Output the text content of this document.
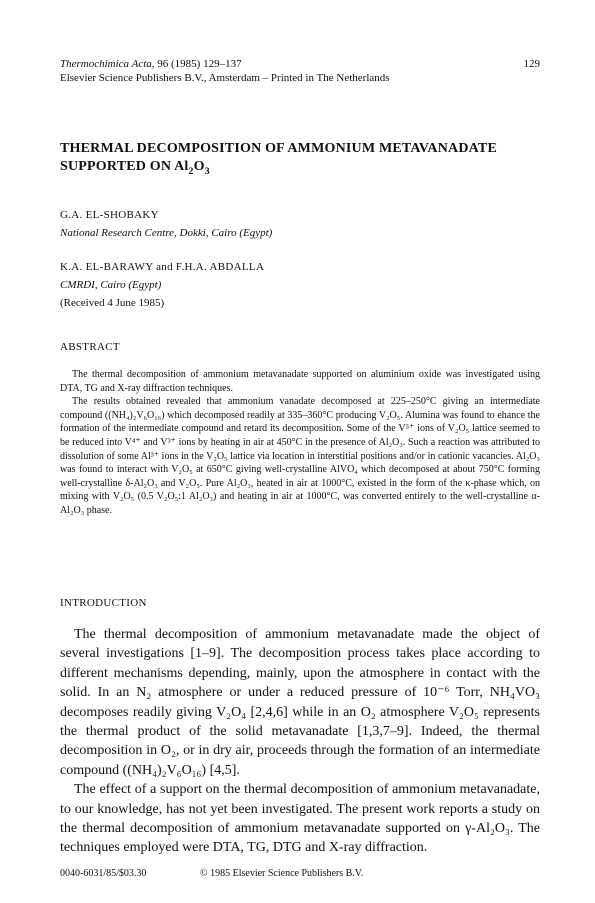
Thermochimica Acta, 96 (1985) 129–137
Elsevier Science Publishers B.V., Amsterdam – Printed in The Netherlands
129
THERMAL DECOMPOSITION OF AMMONIUM METAVANADATE
SUPPORTED ON $Al_2O_3$
G.A. EL-SHOBAKY
National Research Centre, Dokki, Cairo (Egypt)
K.A. EL-BARAWY and F.H.A. ABDALLA
CMRDI, Cairo (Egypt)
(Received 4 June 1985)
ABSTRACT

The thermal decomposition of ammonium metavanadate supported on aluminium oxide was investigated using DTA, TG and X-ray diffraction techniques.

The results obtained revealed that ammonium vanadate decomposed at 225–250°C giving an intermediate compound ((NH₄)₂V₆O₁₆) which decomposed readily at 335–360°C producing V₂O₅. Alumina was found to ehance the formation of the intermediate compound and retard its decomposition. Some of the V⁵⁺ ions of V₂O₅ lattice seemed to be reduced into V⁴⁺ and V³⁺ ions by heating in air at 450°C in the presence of Al₂O₃. Such a reaction was attributed to dissolution of some Al³⁺ ions in the V₂O₅ lattice via location in interstitial positions and/or in cationic vacancies. Al₂O₃ was found to interact with V₂O₅ at 650°C giving well-crystalline AlVO₄ which decomposed at about 750°C forming well-crystalline δ-Al₂O₃ and V₂O₅. Pure Al₂O₃, heated in air at 1000°C, existed in the form of the κ-phase which, on mixing with V₂O₅ (0.5 V₂O₅:1 Al₂O₃) and heating in air at 1000°C, was converted entirely to the well-crystalline α-Al₂O₃ phase.

INTRODUCTION

The thermal decomposition of ammonium metavanadate made the object of several investigations [1–9]. The decomposition process takes place according to different mechanisms depending, mainly, upon the atmosphere in contact with the solid. In an N₂ atmosphere or under a reduced pressure of 10⁻⁶ Torr, NH₄VO₃ decomposes readily giving V₂O₄ [2,4,6] while in an O₂ atmosphere V₂O₅ represents the thermal product of the solid metavanadate [1,3,7–9]. Indeed, the thermal decomposition in O₂, or in dry air, proceeds through the formation of an intermediate compound ((NH₄)₂V₆O₁₆) [4,5].

The effect of a support on the thermal decomposition of ammonium metavanadate, to our knowledge, has not yet been investigated. The present work reports a study on the thermal decomposition of ammonium metavanadate supported on γ-Al₂O₃. The techniques employed were DTA, TG, DTG and X-ray diffraction.

0040-6031/85/$03.30	© 1985 Elsevier Science Publishers B.V.
